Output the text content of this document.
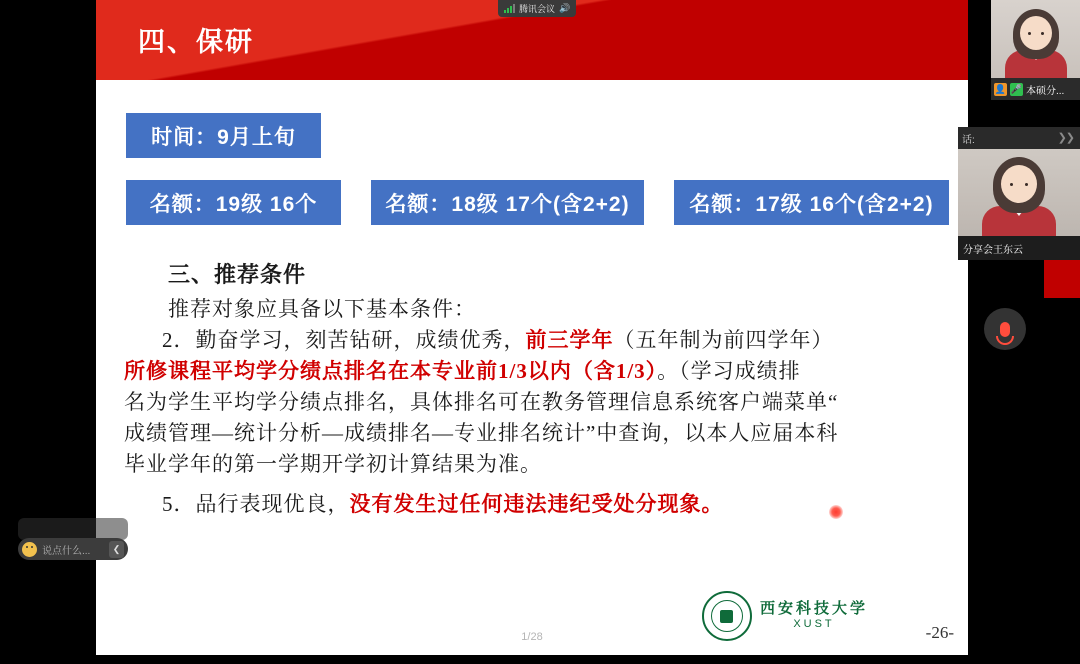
四、保研
时间：9月上旬
名额：19级 16个	名额：18级 17个(含2+2)	名额：17级 16个(含2+2)
三、推荐条件
推荐对象应具备以下基本条件：
2．勤奋学习，刻苦钻研，成绩优秀，前三学年（五年制为前四学年）
所修课程平均学分绩点排名在本专业前1/3以内（含1/3）。（学习成绩排
名为学生平均学分绩点排名，具体排名可在教务管理信息系统客户端菜单“
成绩管理—统计分析—成绩排名—专业排名统计”中查询，以本人应届本科
毕业学年的第一学期开学初计算结果为准。
5．品行表现优良，没有发生过任何违法违纪受处分现象。
1/28
西安科技大学
XUST	-26-
腾讯会议 🔊
👤 🎤 本硕分...
话:	❯❯
分享会王东云
说点什么...	❮
